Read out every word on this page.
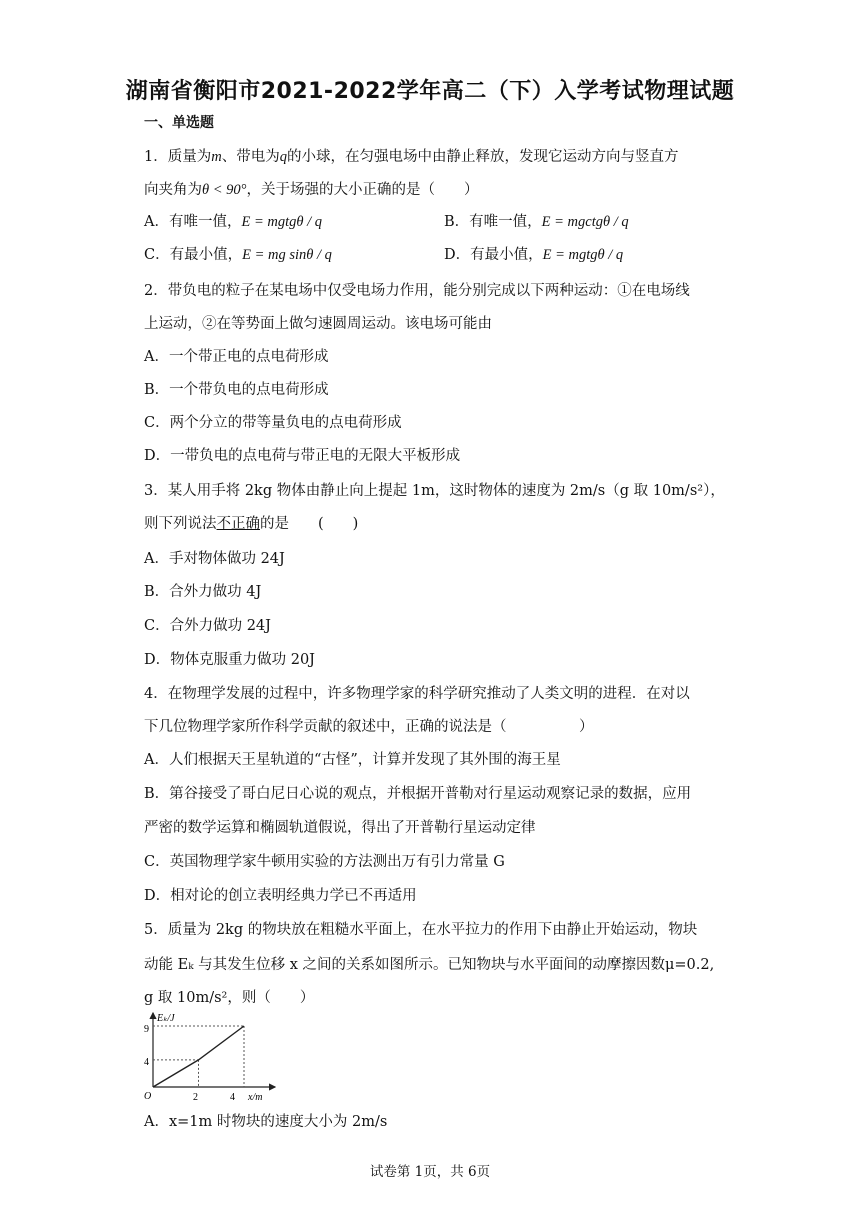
湖南省衡阳市2021-2022学年高二（下）入学考试物理试题
一、单选题
1．质量为m、带电为q的小球，在匀强电场中由静止释放，发现它运动方向与竖直方
向夹角为θ < 90°，关于场强的大小正确的是（　　）
A．有唯一值，E = mgtgθ / q	B．有唯一值，E = mgctgθ / q
C．有最小值，E = mg sinθ / q	D．有最小值，E = mgtgθ / q
2．带负电的粒子在某电场中仅受电场力作用，能分别完成以下两种运动：①在电场线
上运动，②在等势面上做匀速圆周运动。该电场可能由
A．一个带正电的点电荷形成
B．一个带负电的点电荷形成
C．两个分立的带等量负电的点电荷形成
D．一带负电的点电荷与带正电的无限大平板形成
3．某人用手将 2kg 物体由静止向上提起 1m，这时物体的速度为 2m/s（g 取 10m/s²），
则下列说法不正确的是　　(　　)
A．手对物体做功 24J
B．合外力做功 4J
C．合外力做功 24J
D．物体克服重力做功 20J
4．在物理学发展的过程中，许多物理学家的科学研究推动了人类文明的进程．在对以
下几位物理学家所作科学贡献的叙述中，正确的说法是（　　　　　）
A．人们根据天王星轨道的“古怪”，计算并发现了其外围的海王星
B．第谷接受了哥白尼日心说的观点，并根据开普勒对行星运动观察记录的数据，应用
严密的数学运算和椭圆轨道假说，得出了开普勒行星运动定律
C．英国物理学家牛顿用实验的方法测出万有引力常量 G
D．相对论的创立表明经典力学已不再适用
5．质量为 2kg 的物块放在粗糙水平面上，在水平拉力的作用下由静止开始运动，物块
动能 Eₖ 与其发生位移 x 之间的关系如图所示。已知物块与水平面间的动摩擦因数μ=0.2,
g 取 10m/s²，则（　　）
Eₖ/J
x/m
O
9
4
2	4
A．x=1m 时物块的速度大小为 2m/s
试卷第 1页，共 6页
